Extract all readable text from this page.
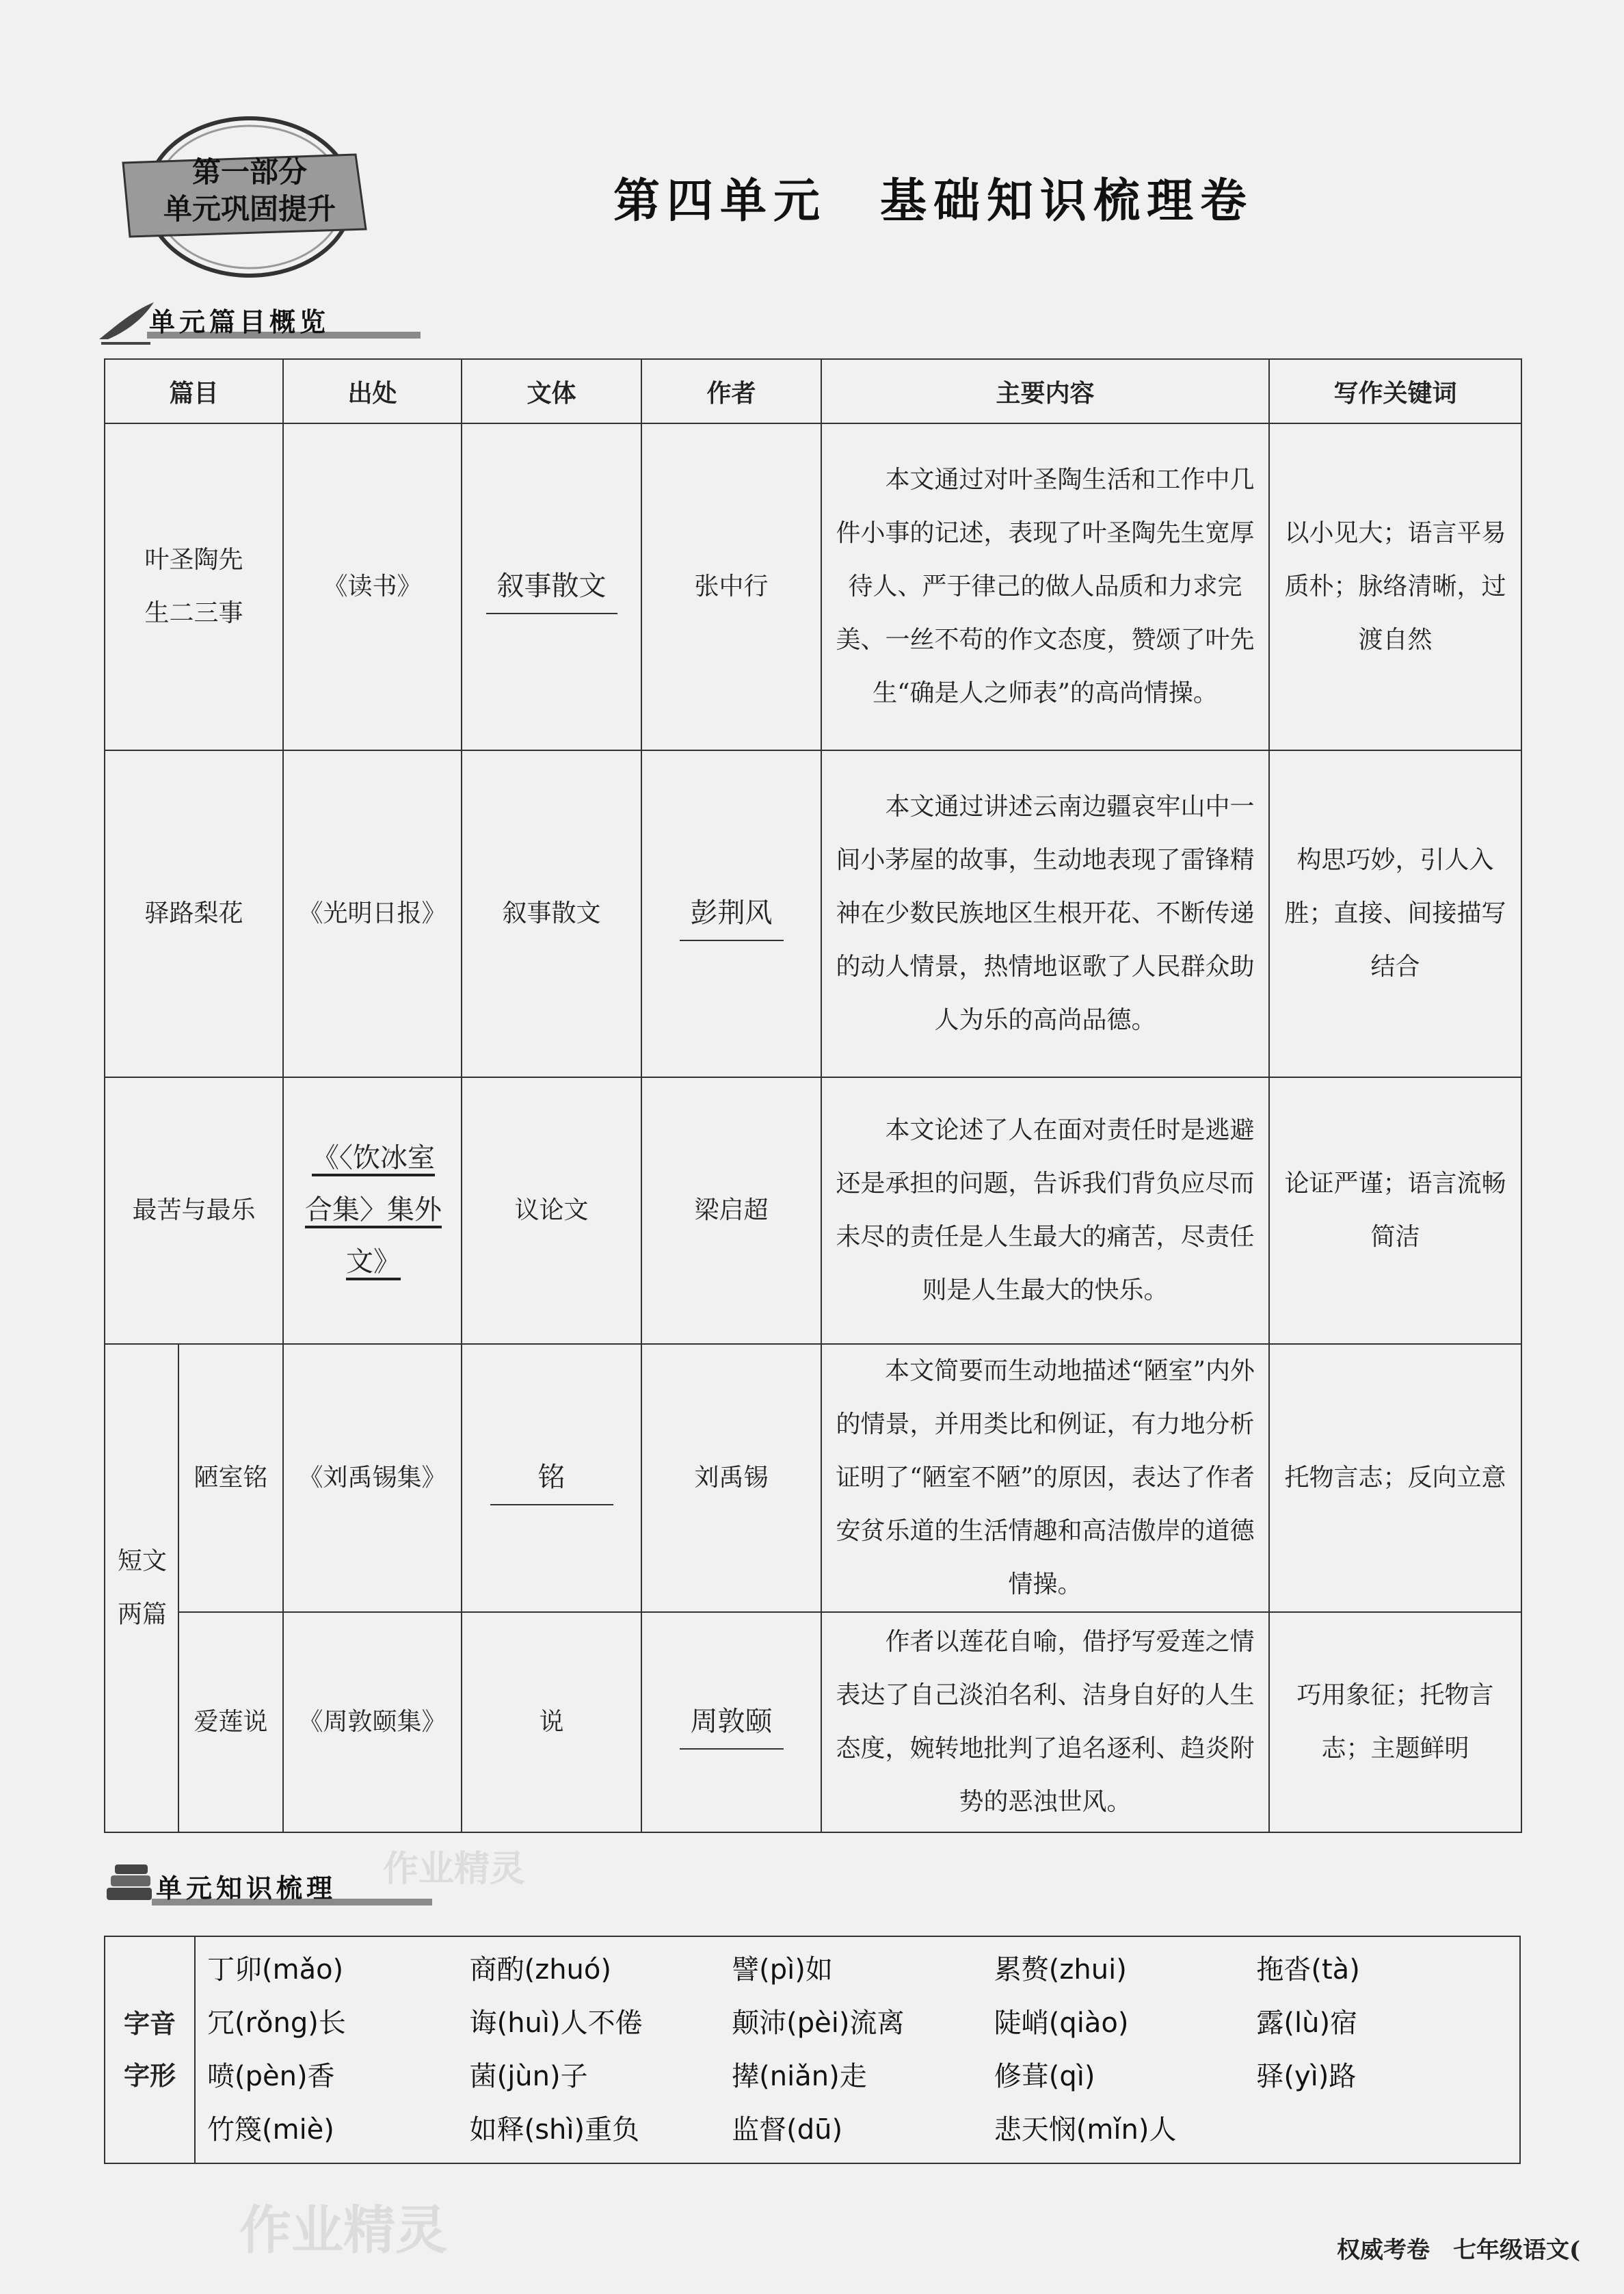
第一部分
单元巩固提升	第四单元　基础知识梳理卷
单元篇目概览
篇目		出处	文体	作者	主要内容	写作关键词

叶圣陶先生二三事		《读书》	叙事散文	张中行	本文通过对叶圣陶生活和工作中几件小事的记述，表现了叶圣陶先生宽厚待人、严于律己的做人品质和力求完美、一丝不苟的作文态度，赞颂了叶先生“确是人之师表”的高尚情操。	以小见大；语言平易质朴；脉络清晰，过渡自然
驿路梨花		《光明日报》	叙事散文	彭荆风	本文通过讲述云南边疆哀牢山中一间小茅屋的故事，生动地表现了雷锋精神在少数民族地区生根开花、不断传递的动人情景，热情地讴歌了人民群众助人为乐的高尚品德。	构思巧妙，引人入胜；直接、间接描写结合
最苦与最乐		《〈饮冰室合集〉集外文》	议论文	梁启超	本文论述了人在面对责任时是逃避还是承担的问题，告诉我们背负应尽而未尽的责任是人生最大的痛苦，尽责任则是人生最大的快乐。	论证严谨；语言流畅简洁

短文两篇	陋室铭	《刘禹锡集》	铭	刘禹锡	本文简要而生动地描述“陋室”内外的情景，并用类比和例证，有力地分析证明了“陋室不陋”的原因，表达了作者安贫乐道的生活情趣和高洁傲岸的道德情操。	托物言志；反向立意
	爱莲说	《周敦颐集》	说	周敦颐	作者以莲花自喻，借抒写爱莲之情表达了自己淡泊名利、洁身自好的人生态度，婉转地批判了追名逐利、趋炎附势的恶浊世风。	巧用象征；托物言志；主题鲜明
单元知识梳理
字音
字形

丁卯(mǎo)	商酌(zhuó)	譬(pì)如	累赘(zhui)	拖沓(tà)
冗(rǒng)长	诲(huì)人不倦	颠沛(pèi)流离	陡峭(qiào)	露(lù)宿
喷(pèn)香	菌(jùn)子	撵(niǎn)走	修葺(qì)	驿(yì)路
竹篾(miè)	如释(shì)重负	监督(dū)	悲天悯(mǐn)人
作业精灵
作业精灵	权威考卷　七年级语文(
